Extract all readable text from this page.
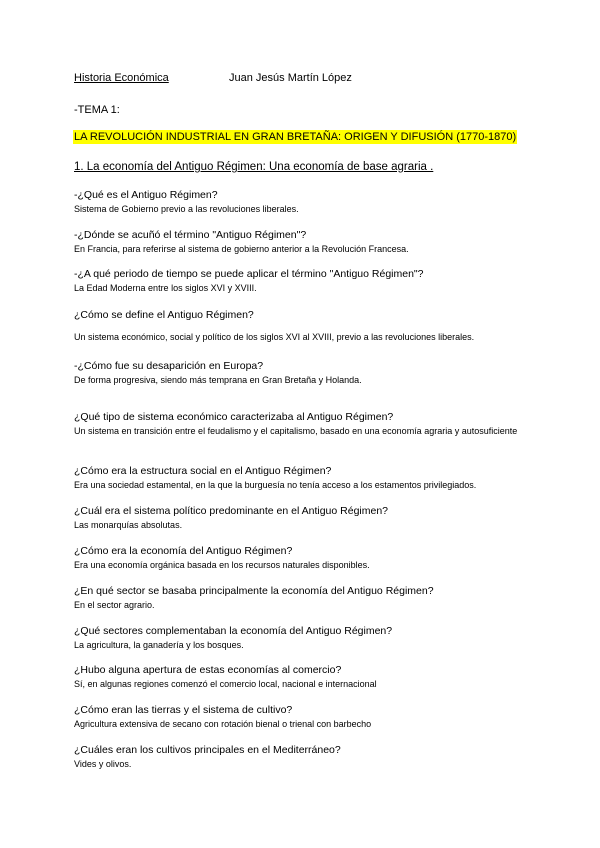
Historia Económica	Juan Jesús Martín López
-TEMA 1:
LA REVOLUCIÓN INDUSTRIAL EN GRAN BRETAÑA: ORIGEN Y DIFUSIÓN (1770-1870)
1. La economía del Antiguo Régimen: Una economía de base agraria .
-¿Qué es el Antiguo Régimen?
Sistema de Gobierno previo a las revoluciones liberales.
-¿Dónde se acuñó el término "Antiguo Régimen"?
En Francia, para referirse al sistema de gobierno anterior a la Revolución Francesa.
-¿A qué periodo de tiempo se puede aplicar el término "Antiguo Régimen"?
La Edad Moderna entre los siglos XVI y XVIII.
¿Cómo se define el Antiguo Régimen?
Un sistema económico, social y político de los siglos XVI al XVIII, previo a las revoluciones liberales.
-¿Cómo fue su desaparición en Europa?
De forma progresiva, siendo más temprana en Gran Bretaña y Holanda.
¿Qué tipo de sistema económico caracterizaba al Antiguo Régimen?
Un sistema en transición entre el feudalismo y el capitalismo, basado en una economía agraria y autosuficiente
¿Cómo era la estructura social en el Antiguo Régimen?
Era una sociedad estamental, en la que la burguesía no tenía acceso a los estamentos privilegiados.
¿Cuál era el sistema político predominante en el Antiguo Régimen?
Las monarquías absolutas.
¿Cómo era la economía del Antiguo Régimen?
Era una economía orgánica basada en los recursos naturales disponibles.
¿En qué sector se basaba principalmente la economía del Antiguo Régimen?
En el sector agrario.
¿Qué sectores complementaban la economía del Antiguo Régimen?
La agricultura, la ganadería y los bosques.
¿Hubo alguna apertura de estas economías al comercio?
Sí, en algunas regiones comenzó el comercio local, nacional e internacional
¿Cómo eran las tierras y el sistema de cultivo?
Agricultura extensiva de secano con rotación bienal o trienal con barbecho
¿Cuáles eran los cultivos principales en el Mediterráneo?
Vides y olivos.
